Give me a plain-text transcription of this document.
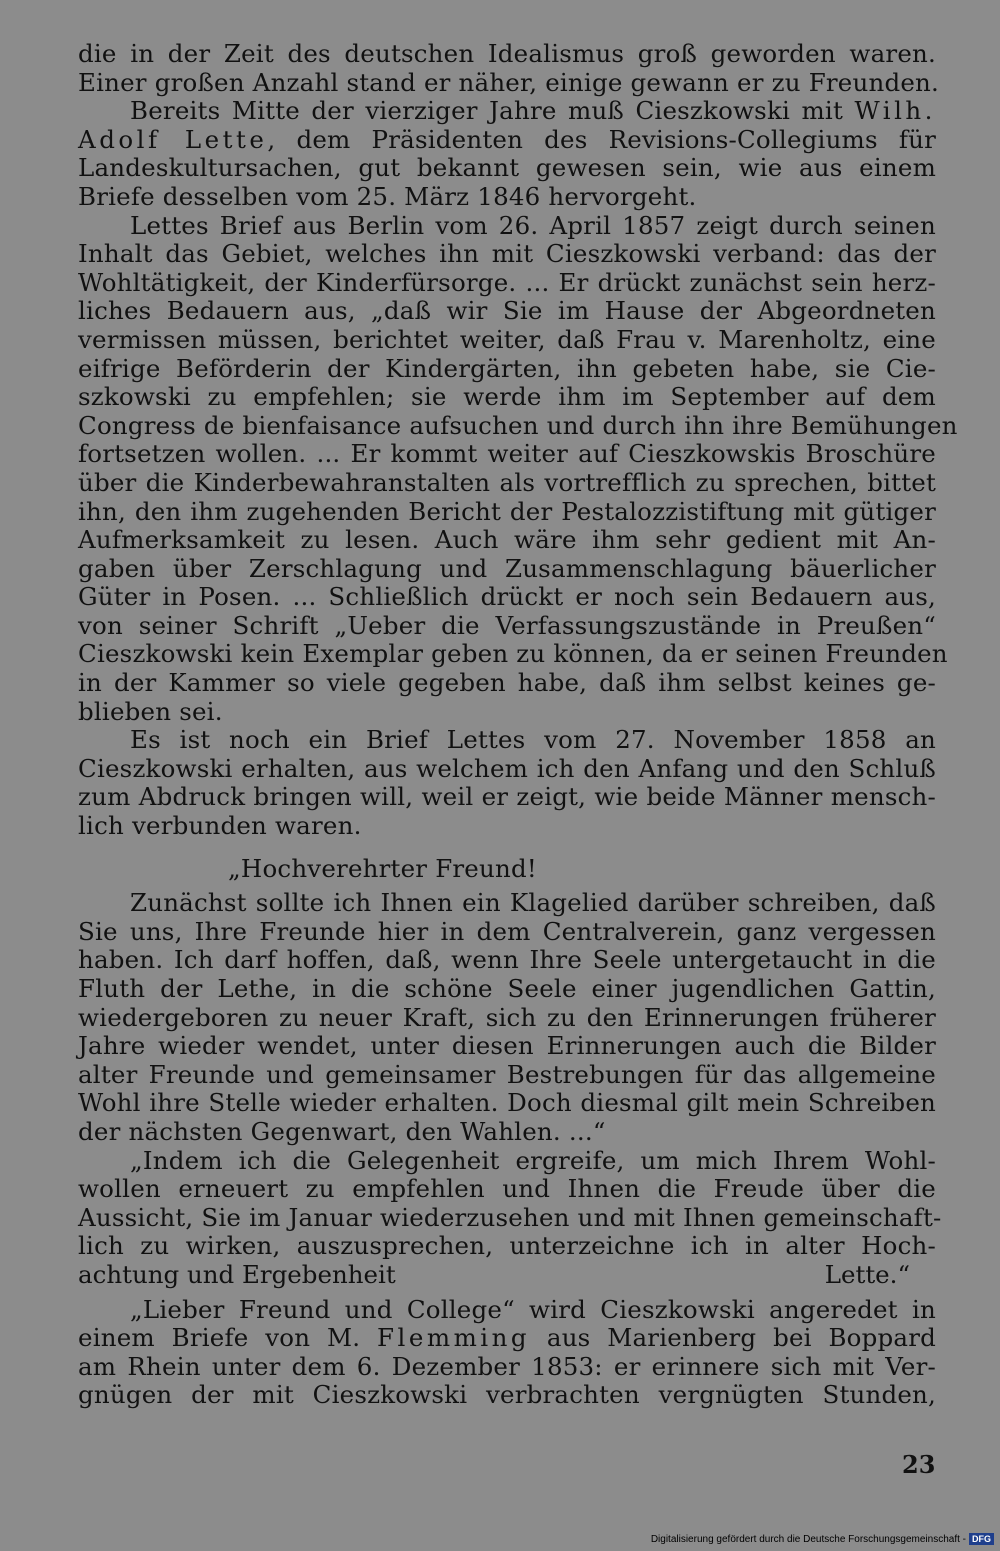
die in der Zeit des deutschen Idealismus groß geworden waren.
Einer großen Anzahl stand er näher, einige gewann er zu Freunden.
Bereits Mitte der vierziger Jahre muß Cieszkowski mit Wilh.
Adolf Lette, dem Präsidenten des Revisions-Collegiums für
Landeskultursachen, gut bekannt gewesen sein, wie aus einem
Briefe desselben vom 25. März 1846 hervorgeht.
Lettes Brief aus Berlin vom 26. April 1857 zeigt durch seinen
Inhalt das Gebiet, welches ihn mit Cieszkowski verband: das der
Wohltätigkeit, der Kinderfürsorge. ... Er drückt zunächst sein herz-
liches Bedauern aus, „daß wir Sie im Hause der Abgeordneten
vermissen müssen, berichtet weiter, daß Frau v. Marenholtz, eine
eifrige Beförderin der Kindergärten, ihn gebeten habe, sie Cie-
szkowski zu empfehlen; sie werde ihm im September auf dem
Congress de bienfaisance aufsuchen und durch ihn ihre Bemühungen
fortsetzen wollen. ... Er kommt weiter auf Cieszkowskis Broschüre
über die Kinderbewahranstalten als vortrefflich zu sprechen, bittet
ihn, den ihm zugehenden Bericht der Pestalozzistiftung mit gütiger
Aufmerksamkeit zu lesen. Auch wäre ihm sehr gedient mit An-
gaben über Zerschlagung und Zusammenschlagung bäuerlicher
Güter in Posen. ... Schließlich drückt er noch sein Bedauern aus,
von seiner Schrift „Ueber die Verfassungszustände in Preußen“
Cieszkowski kein Exemplar geben zu können, da er seinen Freunden
in der Kammer so viele gegeben habe, daß ihm selbst keines ge-
blieben sei.
Es ist noch ein Brief Lettes vom 27. November 1858 an
Cieszkowski erhalten, aus welchem ich den Anfang und den Schluß
zum Abdruck bringen will, weil er zeigt, wie beide Männer mensch-
lich verbunden waren.
„Hochverehrter Freund!
Zunächst sollte ich Ihnen ein Klagelied darüber schreiben, daß
Sie uns, Ihre Freunde hier in dem Centralverein, ganz vergessen
haben. Ich darf hoffen, daß, wenn Ihre Seele untergetaucht in die
Fluth der Lethe, in die schöne Seele einer jugendlichen Gattin,
wiedergeboren zu neuer Kraft, sich zu den Erinnerungen früherer
Jahre wieder wendet, unter diesen Erinnerungen auch die Bilder
alter Freunde und gemeinsamer Bestrebungen für das allgemeine
Wohl ihre Stelle wieder erhalten. Doch diesmal gilt mein Schreiben
der nächsten Gegenwart, den Wahlen. ...“
„Indem ich die Gelegenheit ergreife, um mich Ihrem Wohl-
wollen erneuert zu empfehlen und Ihnen die Freude über die
Aussicht, Sie im Januar wiederzusehen und mit Ihnen gemeinschaft-
lich zu wirken, auszusprechen, unterzeichne ich in alter Hoch-
achtung und Ergebenheit	Lette.“
„Lieber Freund und College“ wird Cieszkowski angeredet in
einem Briefe von M. Flemming aus Marienberg bei Boppard
am Rhein unter dem 6. Dezember 1853: er erinnere sich mit Ver-
gnügen der mit Cieszkowski verbrachten vergnügten Stunden,
23
Digitalisierung gefördert durch die Deutsche Forschungsgemeinschaft - DFG
